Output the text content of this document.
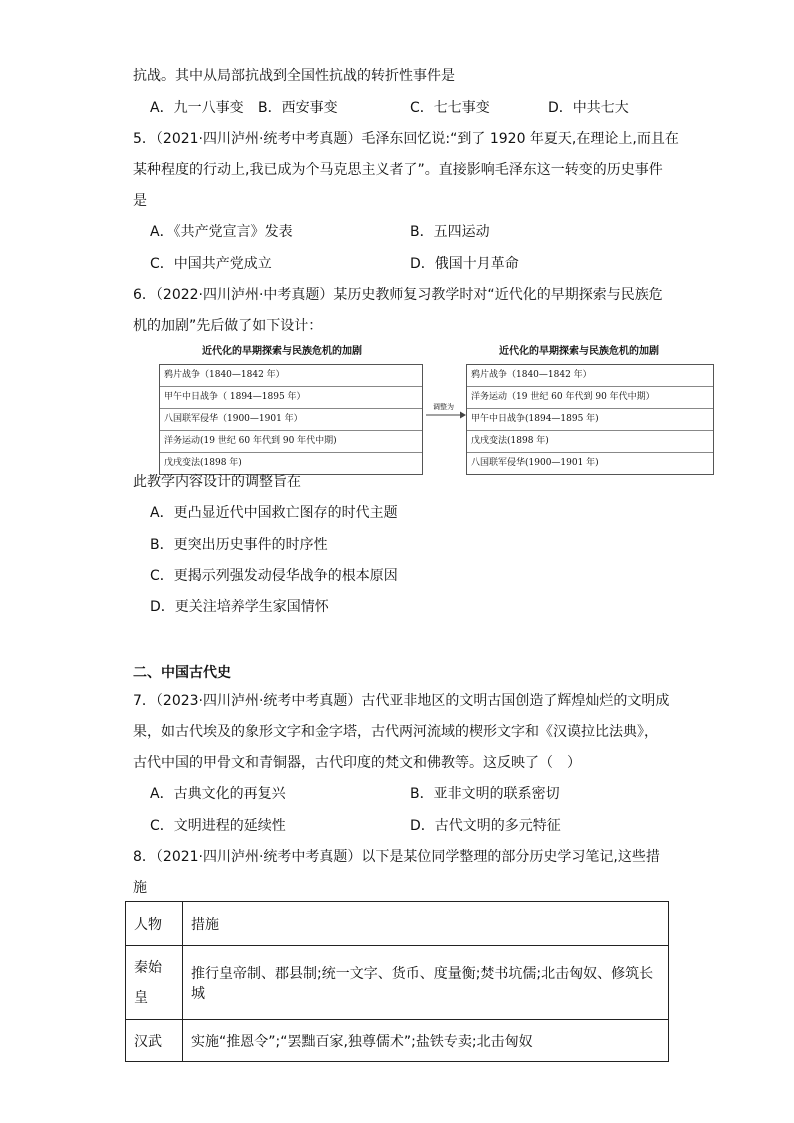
抗战。其中从局部抗战到全国性抗战的转折性事件是
A．九一八事变 B．西安事变	C．七七事变	D．中共七大
5．（2021·四川泸州·统考中考真题）毛泽东回忆说:“到了 1920 年夏天,在理论上,而且在
某种程度的行动上,我已成为个马克思主义者了”。直接影响毛泽东这一转变的历史事件
是
A．《共产党宣言》发表	B．五四运动
C．中国共产党成立	D．俄国十月革命
6．（2022·四川泸州·中考真题）某历史教师复习教学时对“近代化的早期探索与民族危
机的加剧”先后做了如下设计：
近代化的早期探索与民族危机的加剧	近代化的早期探索与民族危机的加剧
鸦片战争（1840—1842 年）
甲午中日战争（ 1894—1895 年）
八国联军侵华（1900—1901 年）
洋务运动(19 世纪 60 年代到 90 年代中期)
戊戌变法(1898 年)
调整为
鸦片战争（1840—1842 年）
洋务运动（19 世纪 60 年代到 90 年代中期）
甲午中日战争(1894—1895 年)
戊戌变法(1898 年)
八国联军侵华(1900—1901 年)
此教学内容设计的调整旨在
A．更凸显近代中国救亡图存的时代主题
B．更突出历史事件的时序性
C．更揭示列强发动侵华战争的根本原因
D．更关注培养学生家国情怀
二、中国古代史
7．（2023·四川泸州·统考中考真题）古代亚非地区的文明古国创造了辉煌灿烂的文明成
果，如古代埃及的象形文字和金字塔，古代两河流域的楔形文字和《汉谟拉比法典》，
古代中国的甲骨文和青铜器，古代印度的梵文和佛教等。这反映了（　）
A．古典文化的再复兴	B．亚非文明的联系密切
C．文明进程的延续性	D．古代文明的多元特征
8．（2021·四川泸州·统考中考真题）以下是某位同学整理的部分历史学习笔记,这些措
施
人物	措施
秦始皇	推行皇帝制、郡县制;统一文字、货币、度量衡;焚书坑儒;北击匈奴、修筑长城
汉武	实施“推恩令”;“罢黜百家,独尊儒术”;盐铁专卖;北击匈奴
